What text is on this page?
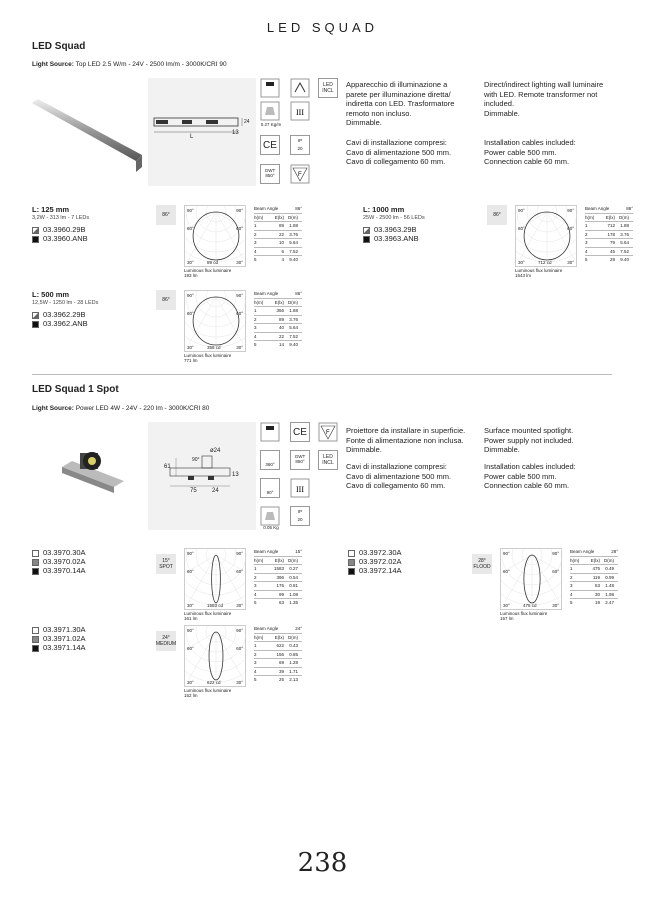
LED SQUAD
LED Squad
Light Source: Top LED 2.5 W/m - 24V - 2500 lm/m - 3000K/CRI 90
L
13
24
LED INCL
III
0.27 Kg/m
CE	IP
20
GWT
850°	F
Apparecchio di illuminazione a
parete per illuminazione diretta/
indiretta con LED. Trasformatore
remoto non incluso.
Dimmable.
Direct/indirect lighting wall luminaire
with LED. Remote transformer not
included.
Dimmable.
Cavi di installazione compresi:
Cavo di alimentazione 500 mm.
Cavo di collegamento 60 mm.
Installation cables included:
Power cable 500 mm.
Connection cable 60 mm.
L: 125 mm
3,2W - 313 lm - 7 LEDs
03.3960.29B
03.3960.ANB
86°
90°	90°
60°	60°
30°	89 cd	30°
Luminous flux luminaire
193 lm
Beam Angle	86°
h(m)	E(lx) D(m)
1	89	1.88
2	22	3.76
3	10	5.64
4	6	7.52
5	4	9.40
L: 1000 mm
25W - 2500 lm - 56 LEDs
03.3963.29B
03.3963.ANB
86°
90°	90°
60°	60°
30°	712 cd	30°
Luminous flux luminaire
1543 lm
Beam Angle	86°
h(m)	E(lx) D(m)
1	712	1.88
2	178	3.76
3	79	5.64
4	45	7.52
5	28	9.40
L: 500 mm
12,5W - 1250 lm - 28 LEDs
03.3962.29B
03.3962.ANB
86°
90°	90°
60°	60°
30°	356 cd	30°
Luminous flux luminaire
771 lm
Beam Angle	86°
h(m)	E(lx) D(m)
1	356	1.88
2	89	3.76
3	40	5.64
4	22	7.52
5	14	9.40
LED Squad 1 Spot
Light Source: Power LED 4W - 24V - 220 lm - 3000K/CRI 80
ø24
90°
75	24
13
61
CE	F
360°
GWT
850°
LED INCL
90°	III
IP
20
0.05 Kg
Proiettore da installare in superficie.
Fonte di alimentazione non inclusa.
Dimmable.
Surface mounted spotlight.
Power supply not included.
Dimmable.
Cavi di installazione compresi:
Cavo di alimentazione 500 mm.
Cavo di collegamento 60 mm.
Installation cables included:
Power cable 500 mm.
Connection cable 60 mm.
03.3970.30A
03.3970.02A
03.3970.14A
15°
SPOT
90°	90°
60°	60°
30°	1583 cd	30°
Luminous flux luminaire
161 lm
Beam Angle	15°
h(m)	E(lx) D(m)
1	1583	0.27
2	396	0.54
3	176	0.81
4	99	1.08
5	63	1.35
03.3972.30A
03.3972.02A
03.3972.14A
28°
FLOOD
90°	90°
60°	60°
30°	475 cd	30°
Luminous flux luminaire
157 lm
Beam Angle	28°
h(m)	E(lx) D(m)
1	475	0.49
2	119	0.99
3	53	1.48
4	30	1.98
5	19	2.47
03.3971.30A
03.3971.02A
03.3971.14A
24°
MEDIUM
90°	90°
60°	60°
30°	622 cd	30°
Luminous flux luminaire
152 lm
Beam Angle	24°
h(m)	E(lx) D(m)
1	622	0.43
2	156	0.85
3	69	1.28
4	39	1.71
5	25	2.13
238
